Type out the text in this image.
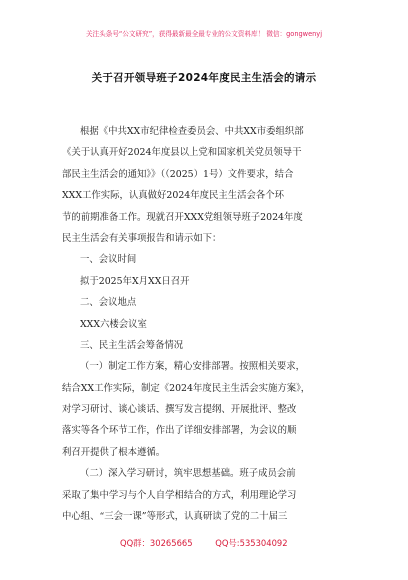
关注头条号“公文研究”，获得最新最全最专业的公文资料库！ 微信：gongwenyj
关于召开领导班子2024年度民主生活会的请示
根据《中共XX市纪律检查委员会、中共XX市委组织部
《关于认真开好2024年度县以上党和国家机关党员领导干
部民主生活会的通知》》（（2025）1号）文件要求，结合
XXX工作实际，认真做好2024年度民主生活会各个环
节的前期准备工作。现就召开XXX党组领导班子2024年度
民主生活会有关事项报告和请示如下：
一、会议时间
拟于2025年X月XX日召开
二、会议地点
XXX六楼会议室
三、民主生活会筹备情况
（一）制定工作方案，精心安排部署。按照相关要求，
结合XX工作实际，制定《2024年度民主生活会实施方案》，
对学习研讨、谈心谈话、撰写发言提纲、开展批评、整改
落实等各个环节工作，作出了详细安排部署，为会议的顺
利召开提供了根本遵循。
（二）深入学习研讨，筑牢思想基础。班子成员会前
采取了集中学习与个人自学相结合的方式，利用理论学习
中心组、“三会一课”等形式，认真研读了党的二十届三
QQ群：30265665	QQ号:535304092
